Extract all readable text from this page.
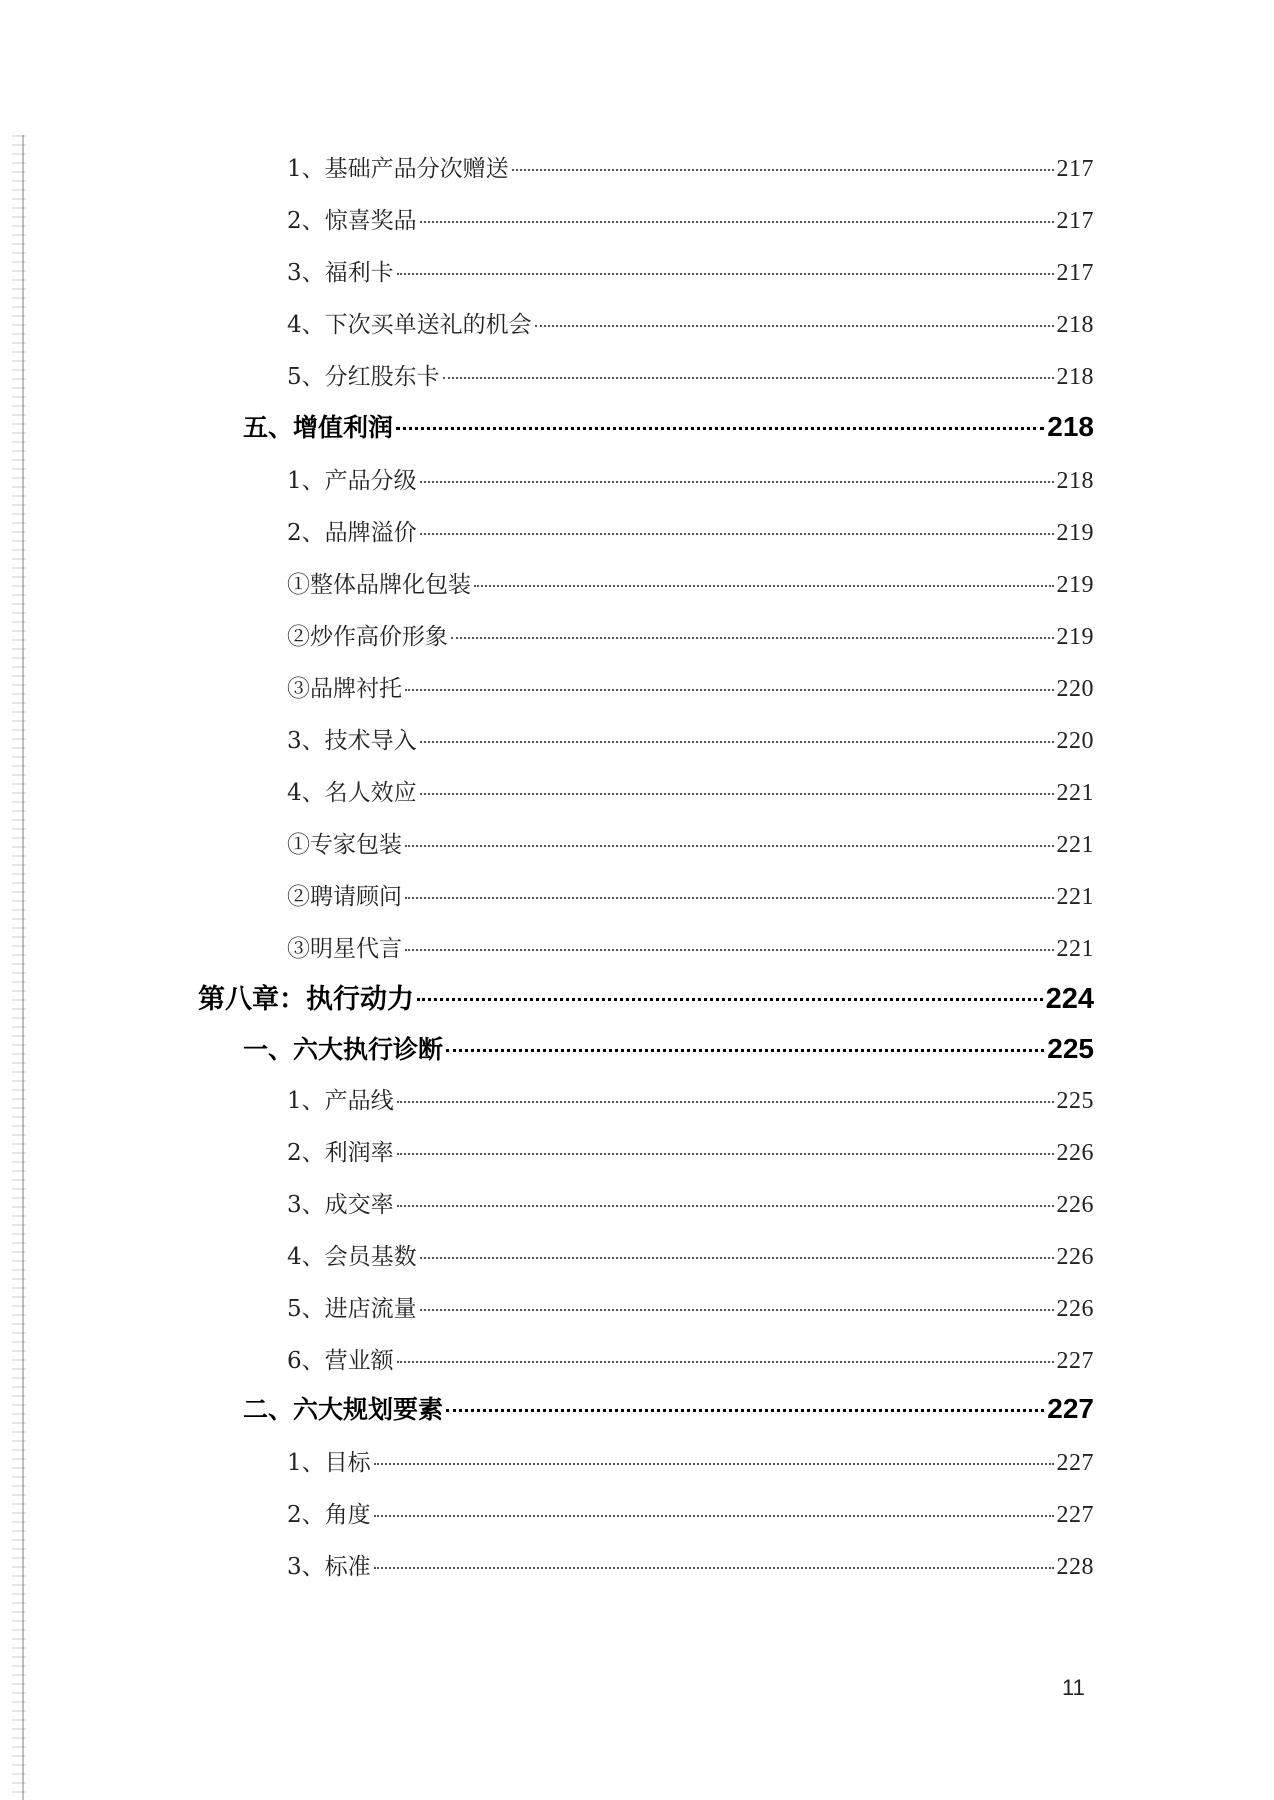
1、基础产品分次赠送	217
2、惊喜奖品	217
3、福利卡	217
4、下次买单送礼的机会	218
5、分红股东卡	218
五、增值利润	218
1、产品分级	218
2、品牌溢价	219
①整体品牌化包装	219
②炒作高价形象	219
③品牌衬托	220
3、技术导入	220
4、名人效应	221
①专家包装	221
②聘请顾问	221
③明星代言	221
第八章：执行动力	224
一、六大执行诊断	225
1、产品线	225
2、利润率	226
3、成交率	226
4、会员基数	226
5、进店流量	226
6、营业额	227
二、六大规划要素	227
1、目标	227
2、角度	227
3、标准	228
11
